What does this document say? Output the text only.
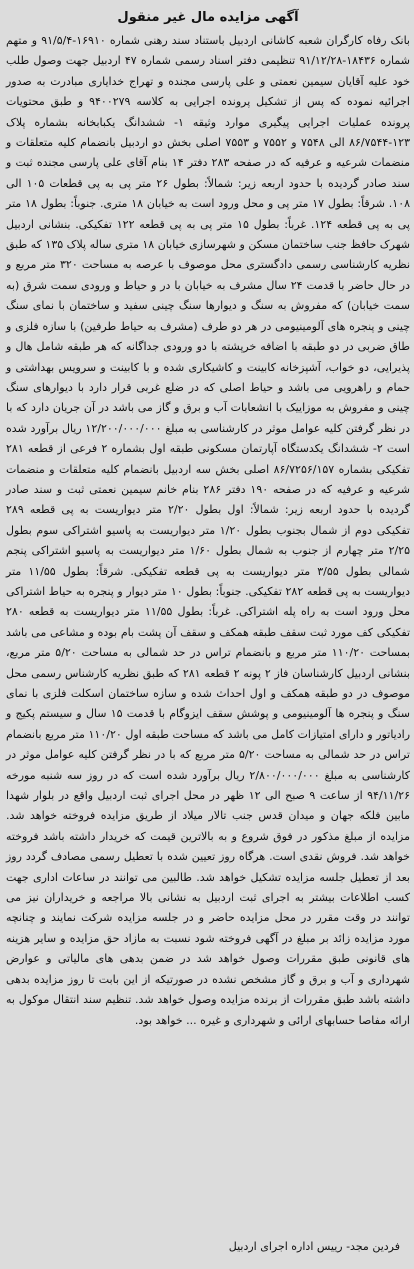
آگهی مزایده مال غیر منقول

بانک رفاه کارگران شعبه کاشانی اردبیل باستناد سند رهنی شماره ۱۶۹۱۰-۹۱/۵/۴ و متهم شماره ۱۸۴۳۶-۹۱/۱۲/۲۸ تنظیمی دفتر اسناد رسمی شماره ۴۷ اردبیل جهت وصول طلب خود علیه آقایان سیمین نعمتی و علی پارسی مجنده و تهراج خدایاری مبادرت به صدور اجرائیه نموده که پس از تشکیل پرونده اجرایی به کلاسه ۹۴۰۰۲۷۹ و طبق محتویات پرونده عملیات اجرایی پیگیری موارد وثیقه ۱- ششدانگ یکبابخانه بشماره پلاک ۱۲۳-۸۶/۷۵۴۴ الی ۷۵۴۸ و ۷۵۵۲ و ۷۵۵۳ اصلی بخش دو اردبیل بانضمام کلیه متعلقات و منضمات شرعیه و عرفیه که در صفحه ۲۸۳ دفتر ۱۴ بنام آقای علی پارسی مجنده ثبت و سند صادر گردیده با حدود اربعه زیر: شمالاً: بطول ۲۶ متر پی به پی قطعات ۱۰۵ الی ۱۰۸. شرقاً: بطول ۱۷ متر پی و محل ورود است به خیابان ۱۸ متری. جنوباً: بطول ۱۸ متر پی به پی قطعه ۱۲۴. غرباً: بطول ۱۵ متر پی به پی قطعه ۱۲۲ تفکیکی. بنشانی اردبیل شهرک حافظ جنب ساختمان مسکن و شهرسازی خیابان ۱۸ متری ساله پلاک ۱۳۵ که طبق نظریه کارشناسی رسمی دادگستری محل موصوف با عرصه به مساحت ۳۲۰ متر مربع و در حال حاضر با قدمت ۲۴ سال مشرف به خیابان با در و حیاط و ورودی سمت شرق (به سمت خیابان) که مفروش به سنگ و دیوارها سنگ چینی سفید و ساختمان با نمای سنگ چینی و پنجره های آلومینیومی در هر دو طرف (مشرف به حیاط طرفین) با سازه فلزی و طاق ضربی در دو طبقه با اضافه خرپشته با دو ورودی جداگانه که هر طبقه شامل هال و پذیرایی، دو خواب، آشپزخانه کابینت و کاشیکاری شده و با کابینت و سرویس بهداشتی و حمام و راهرویی می باشد و حیاط اصلی که در ضلع غربی قرار دارد با دیوارهای سنگ چینی و مفروش به موزاییک با انشعابات آب و برق و گاز می باشد در آن جریان دارد که با در نظر گرفتن کلیه عوامل موثر در کارشناسی به مبلغ ۱۲/۲۰۰/۰۰۰/۰۰۰ ریال برآورد شده است ۲- ششدانگ یکدستگاه آپارتمان مسکونی طبقه اول بشماره ۲ فرعی از قطعه ۲۸۱ تفکیکی بشماره ۸۶/۷۲۵۶/۱۵۷ اصلی بخش سه اردبیل بانضمام کلیه متعلقات و منضمات شرعیه و عرفیه که در صفحه ۱۹۰ دفتر ۲۸۶ بنام خانم سیمین نعمتی ثبت و سند صادر گردیده با حدود اربعه زیر: شمالاً: اول بطول ۲/۲۰ متر دیواریست به پی قطعه ۲۸۹ تفکیکی دوم از شمال بجنوب بطول ۱/۲۰ متر دیواریست به پاسیو اشتراکی سوم بطول ۲/۲۵ متر چهارم از جنوب به شمال بطول ۱/۶۰ متر دیواریست به پاسیو اشتراکی پنجم شمالی بطول ۳/۵۵ متر دیواریست به پی قطعه تفکیکی. شرقاً: بطول ۱۱/۵۵ متر دیواریست به پی قطعه ۲۸۲ تفکیکی. جنوباً: بطول ۱۰ متر دیوار و پنجره به حیاط اشتراکی محل ورود است به راه پله اشتراکی. غرباً: بطول ۱۱/۵۵ متر دیواریست به قطعه ۲۸۰ تفکیکی کف مورد ثبت سقف طبقه همکف و سقف آن پشت بام بوده و مشاعی می باشد بمساحت ۱۱۰/۲۰ متر مربع و بانضمام تراس در حد شمالی به مساحت ۵/۲۰ متر مربع، بنشانی اردبیل کارشناسان فاز ۲ پونه ۲ قطعه ۲۸۱ که طبق نظریه کارشناس رسمی محل موصوف در دو طبقه همکف و اول احداث شده و سازه ساختمان اسکلت فلزی با نمای سنگ و پنجره ها آلومینیومی و پوشش سقف ایزوگام با قدمت ۱۵ سال و سیستم پکیج و رادیاتور و دارای امتیازات کامل می باشد که مساحت طبقه اول ۱۱۰/۲۰ متر مربع بانضمام تراس در حد شمالی به مساحت ۵/۲۰ متر مربع که با در نظر گرفتن کلیه عوامل موثر در کارشناسی به مبلغ ۲/۸۰۰/۰۰۰/۰۰۰ ریال برآورد شده است که در روز سه شنبه مورخه ۹۴/۱۱/۲۶ از ساعت ۹ صبح الی ۱۲ ظهر در محل اجرای ثبت اردبیل واقع در بلوار شهدا مابین فلکه جهان و میدان قدس جنب تالار میلاد از طریق مزایده فروخته خواهد شد. مزایده از مبلغ مذکور در فوق شروع و به بالاترین قیمت که خریدار داشته باشد فروخته خواهد شد. فروش نقدی است. هرگاه روز تعیین شده با تعطیل رسمی مصادف گردد روز بعد از تعطیل جلسه مزایده تشکیل خواهد شد. طالبین می توانند در ساعات اداری جهت کسب اطلاعات بیشتر به اجرای ثبت اردبیل به نشانی بالا مراجعه و خریداران نیز می توانند در وقت مقرر در محل مزایده حاضر و در جلسه مزایده شرکت نمایند و چنانچه مورد مزایده زائد بر مبلغ در آگهی فروخته شود نسبت به مازاد حق مزایده و سایر هزینه های قانونی طبق مقررات وصول خواهد شد در ضمن بدهی های مالیاتی و عوارض شهرداری و آب و برق و گاز مشخص نشده در صورتیکه از این بابت تا روز مزایده بدهی داشته باشد طبق مقررات از برنده مزایده وصول خواهد شد. تنظیم سند انتقال موکول به ارائه مفاصا حسابهای ارائی و شهرداری و غیره ... خواهد بود.

فردین مجد- رییس اداره اجرای اردبیل
